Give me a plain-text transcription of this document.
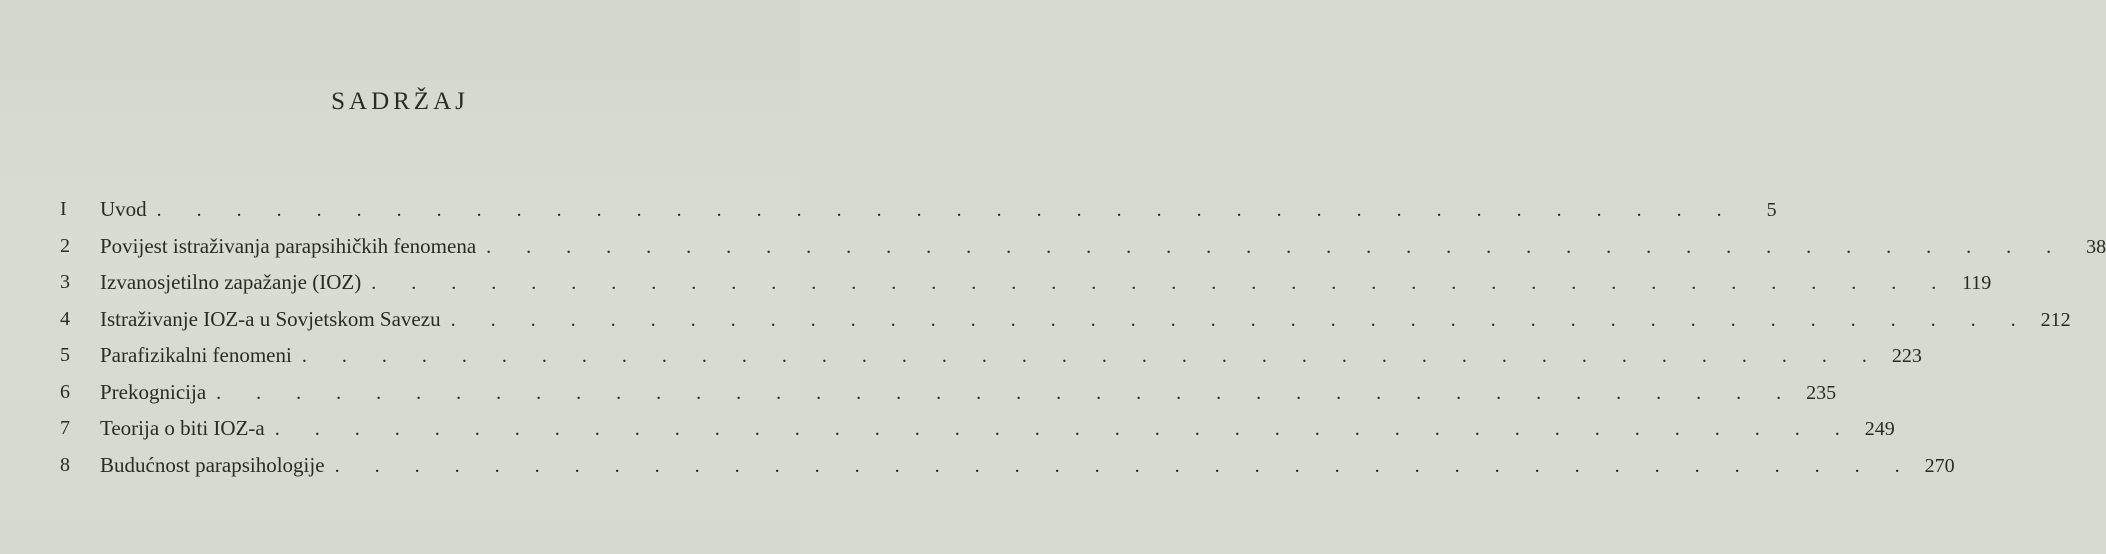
SADRŽAJ
I	Uvod . . . . . . . . . . . . . . . . . . . . . . . . . . . . . . . . . . . . . . . .	5
2	Povijest istraživanja parapsihičkih fenomena . . . . . . . . . . . . . . . . . . . . . . . . . . . . . . . . . . . . . . . .	38
3	Izvanosjetilno zapažanje (IOZ) . . . . . . . . . . . . . . . . . . . . . . . . . . . . . . . . . . . . . . . . 119
4	Istraživanje IOZ-a u Sovjetskom Savezu . . . . . . . . . . . . . . . . . . . . . . . . . . . . . . . . . . . . . . . . 212
5	Parafizikalni fenomeni . . . . . . . . . . . . . . . . . . . . . . . . . . . . . . . . . . . . . . . . 223
6	Prekognicija . . . . . . . . . . . . . . . . . . . . . . . . . . . . . . . . . . . . . . . . 235
7	Teorija o biti IOZ-a . . . . . . . . . . . . . . . . . . . . . . . . . . . . . . . . . . . . . . . . 249
8	Budućnost parapsihologije . . . . . . . . . . . . . . . . . . . . . . . . . . . . . . . . . . . . . . . . 270
